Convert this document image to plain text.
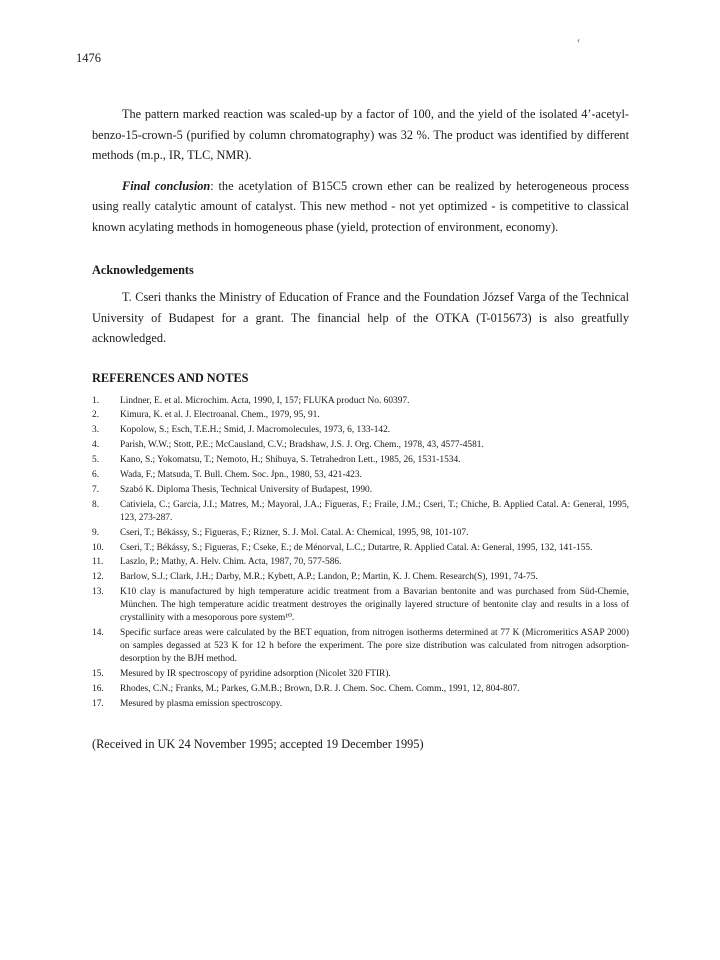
1476
‹

The pattern marked reaction was scaled-up by a factor of 100, and the yield of the isolated 4’-acetyl-benzo-15-crown-5 (purified by column chromatography) was 32 %. The product was identified by different methods (m.p., IR, TLC, NMR).

Final conclusion: the acetylation of B15C5 crown ether can be realized by heterogeneous process using really catalytic amount of catalyst. This new method - not yet optimized - is competitive to classical known acylating methods in homogeneous phase (yield, protection of environment, economy).

Acknowledgements

T. Cseri thanks the Ministry of Education of France and the Foundation József Varga of the Technical University of Budapest for a grant. The financial help of the OTKA (T-015673) is also greatfully acknowledged.

REFERENCES AND NOTES
1. Lindner, E. et al. Microchim. Acta, 1990, I, 157; FLUKA product No. 60397.
2. Kimura, K. et al. J. Electroanal. Chem., 1979, 95, 91.
3. Kopolow, S.; Esch, T.E.H.; Smid, J. Macromolecules, 1973, 6, 133-142.
4. Parish, W.W.; Stott, P.E.; McCausland, C.V.; Bradshaw, J.S. J. Org. Chem., 1978, 43, 4577-4581.
5. Kano, S.; Yokomatsu, T.; Nemoto, H.; Shibuya, S. Tetrahedron Lett., 1985, 26, 1531-1534.
6. Wada, F.; Matsuda, T. Bull. Chem. Soc. Jpn., 1980, 53, 421-423.
7. Szabó K. Diploma Thesis, Technical University of Budapest, 1990.
8. Cativiela, C.; Garcia, J.I.; Matres, M.; Mayoral, J.A.; Figueras, F.; Fraile, J.M.; Cseri, T.; Chiche, B. Applied Catal. A: General, 1995, 123, 273-287.
9. Cseri, T.; Békássy, S.; Figueras, F.; Rizner, S. J. Mol. Catal. A: Chemical, 1995, 98, 101-107.
10. Cseri, T.; Békássy, S.; Figueras, F.; Cseke, E.; de Ménorval, L.C.; Dutartre, R. Applied Catal. A: General, 1995, 132, 141-155.
11. Laszlo, P.; Mathy, A. Helv. Chim. Acta, 1987, 70, 577-586.
12. Barlow, S.J.; Clark, J.H.; Darby, M.R.; Kybett, A.P.; Landon, P.; Martin, K. J. Chem. Research(S), 1991, 74-75.
13. K10 clay is manufactured by high temperature acidic treatment from a Bavarian bentonite and was purchased from Süd-Chemie, München. The high temperature acidic treatment destroyes the originally layered structure of bentonite clay and results in a loss of crystallinity with a mesoporous pore system¹⁰.
14. Specific surface areas were calculated by the BET equation, from nitrogen isotherms determined at 77 K (Micromeritics ASAP 2000) on samples degassed at 523 K for 12 h before the experiment. The pore size distribution was calculated from nitrogen adsorption-desorption by the BJH method.
15. Mesured by IR spectroscopy of pyridine adsorption (Nicolet 320 FTIR).
16. Rhodes, C.N.; Franks, M.; Parkes, G.M.B.; Brown, D.R. J. Chem. Soc. Chem. Comm., 1991, 12, 804-807.
17. Mesured by plasma emission spectroscopy.
(Received in UK 24 November 1995; accepted 19 December 1995)
